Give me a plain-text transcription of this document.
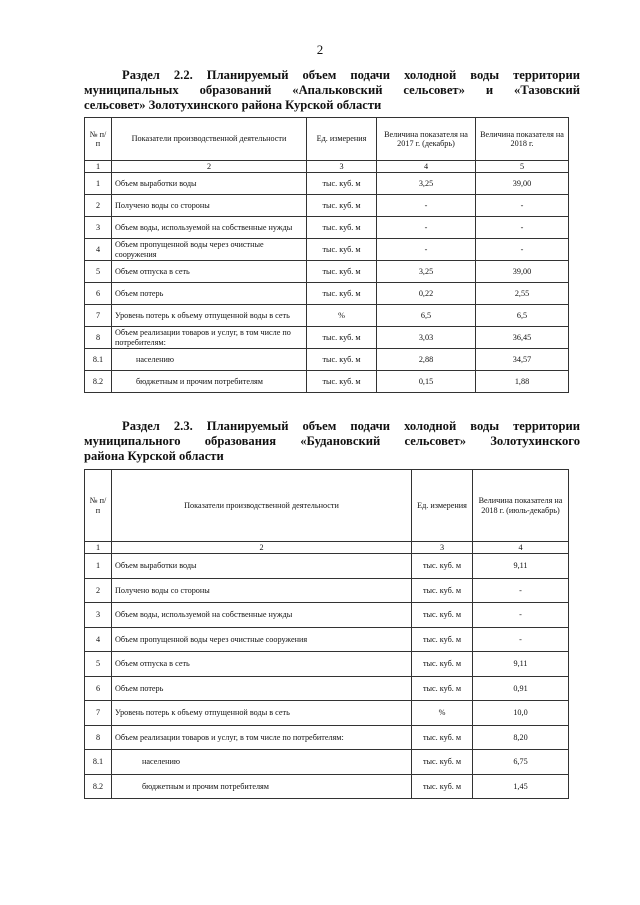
2
Раздел 2.2. Планируемый объем подачи холодной воды территории
муниципальных образований «Апальковский сельсовет» и «Тазовский
сельсовет» Золотухинского района Курской области
№ п/п	Показатели производственной деятельности	Ед. измерения	Величина показателя на 2017 г. (декабрь)	Величина показателя на 2018 г.
1	2	3	4	5
1	Объем выработки воды	тыс. куб. м	3,25	39,00
2	Получено воды со стороны	тыс. куб. м	-	-
3	Объем воды, используемой на собственные нужды	тыс. куб. м	-	-
4	Объем пропущенной воды через очистные сооружения	тыс. куб. м	-	-
5	Объем отпуска в сеть	тыс. куб. м	3,25	39,00
6	Объем потерь	тыс. куб. м	0,22	2,55
7	Уровень потерь к объему отпущенной воды в сеть	%	6,5	6,5
8	Объем реализации товаров и услуг, в том числе по потребителям:	тыс. куб. м	3,03	36,45
8.1	населению	тыс. куб. м	2,88	34,57
8.2	бюджетным и прочим потребителям	тыс. куб. м	0,15	1,88
Раздел 2.3. Планируемый объем подачи холодной воды территории
муниципального образования «Будановский сельсовет» Золотухинского
района Курской области
№ п/п	Показатели производственной деятельности	Ед. измерения	Величина показателя на 2018 г. (июль-декабрь)
1	2	3	4
1	Объем выработки воды	тыс. куб. м	9,11
2	Получено воды со стороны	тыс. куб. м	-
3	Объем воды, используемой на собственные нужды	тыс. куб. м	-
4	Объем пропущенной воды через очистные сооружения	тыс. куб. м	-
5	Объем отпуска в сеть	тыс. куб. м	9,11
6	Объем потерь	тыс. куб. м	0,91
7	Уровень потерь к объему отпущенной воды в сеть	%	10,0
8	Объем реализации товаров и услуг, в том числе по потребителям:	тыс. куб. м	8,20
8.1	населению	тыс. куб. м	6,75
8.2	бюджетным и прочим потребителям	тыс. куб. м	1,45
